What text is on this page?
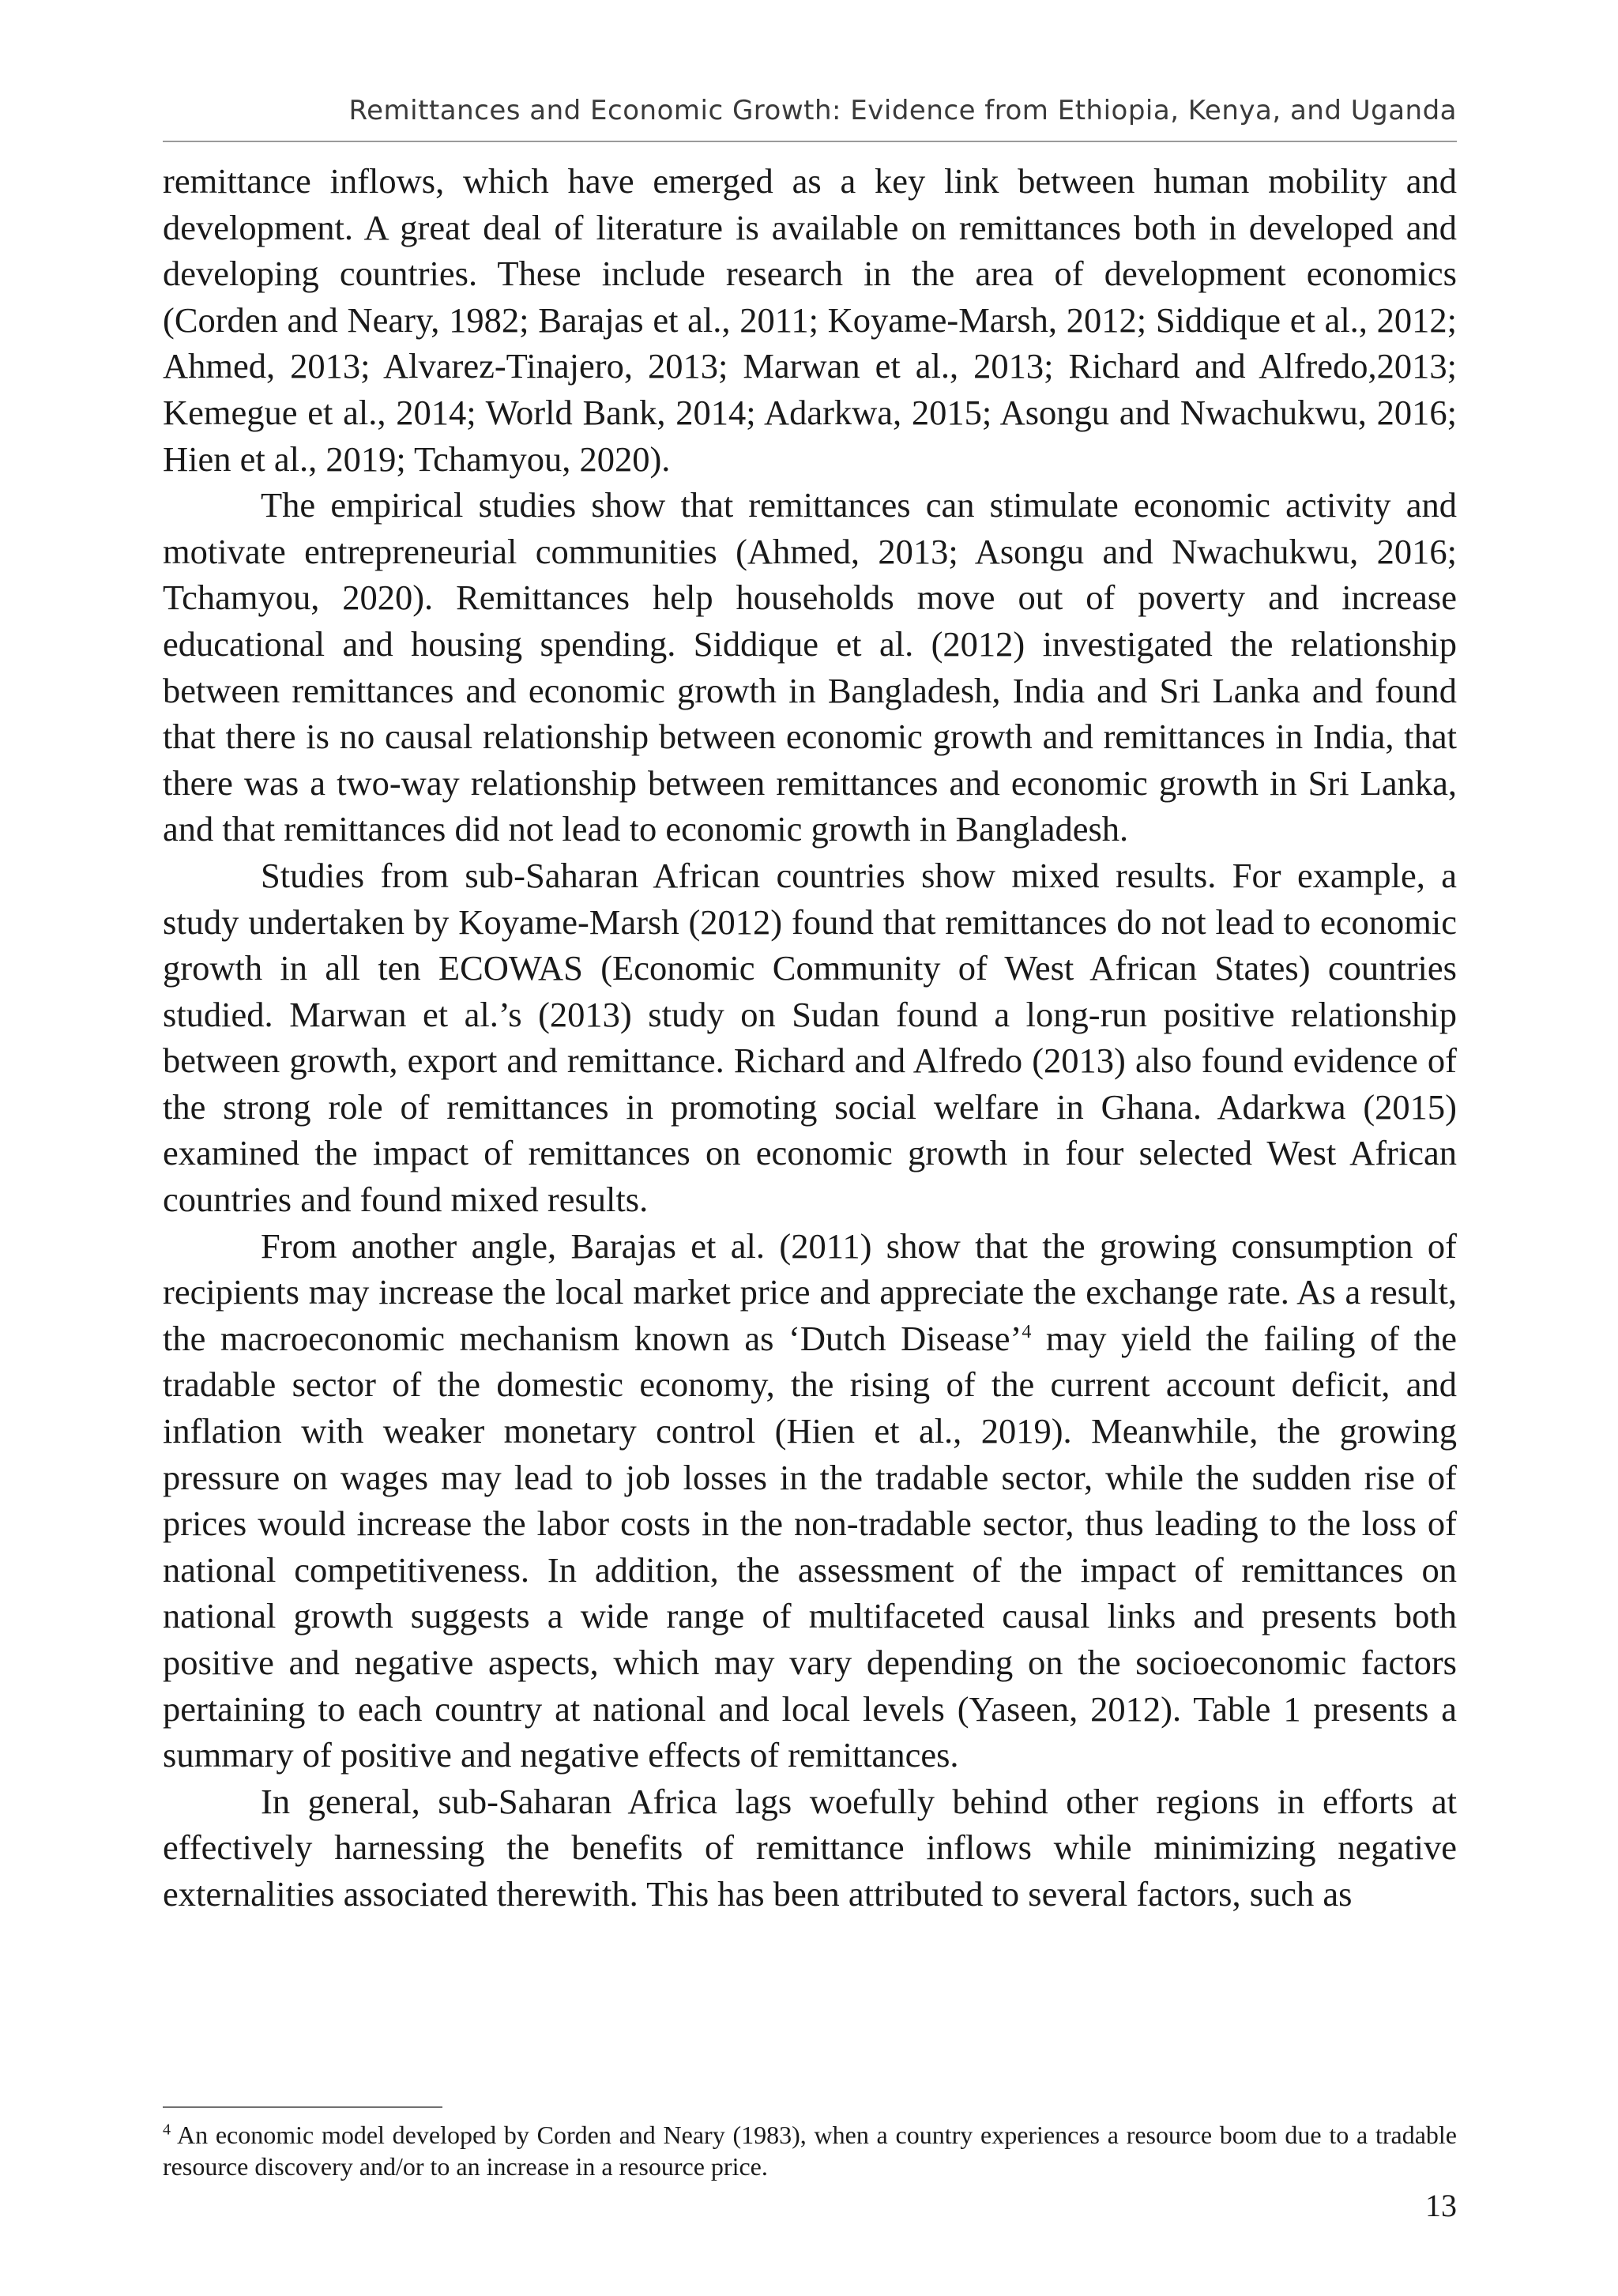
Remittances and Economic Growth: Evidence from Ethiopia, Kenya, and Uganda

remittance inflows, which have emerged as a key link between human mobility and development. A great deal of literature is available on remittances both in developed and developing countries. These include research in the area of development economics (Corden and Neary, 1982; Barajas et al., 2011; Koyame-Marsh, 2012; Siddique et al., 2012; Ahmed, 2013; Alvarez-Tinajero, 2013; Marwan et al., 2013; Richard and Alfredo,2013; Kemegue et al., 2014; World Bank, 2014; Adarkwa, 2015; Asongu and Nwachukwu, 2016; Hien et al., 2019; Tchamyou, 2020).

The empirical studies show that remittances can stimulate economic activity and motivate entrepreneurial communities (Ahmed, 2013; Asongu and Nwachukwu, 2016; Tchamyou, 2020). Remittances help households move out of poverty and increase educational and housing spending. Siddique et al. (2012) investigated the relationship between remittances and economic growth in Bangladesh, India and Sri Lanka and found that there is no causal relationship between economic growth and remittances in India, that there was a two-way relationship between remittances and economic growth in Sri Lanka, and that remittances did not lead to economic growth in Bangladesh.

Studies from sub-Saharan African countries show mixed results. For example, a study undertaken by Koyame-Marsh (2012) found that remittances do not lead to economic growth in all ten ECOWAS (Economic Community of West African States) countries studied. Marwan et al.’s (2013) study on Sudan found a long-run positive relationship between growth, export and remittance. Richard and Alfredo (2013) also found evidence of the strong role of remittances in promoting social welfare in Ghana. Adarkwa (2015) examined the impact of remittances on economic growth in four selected West African countries and found mixed results.

From another angle, Barajas et al. (2011) show that the growing consumption of recipients may increase the local market price and appreciate the exchange rate. As a result, the macroeconomic mechanism known as ‘Dutch Disease’$^4$ may yield the failing of the tradable sector of the domestic economy, the rising of the current account deficit, and inflation with weaker monetary control (Hien et al., 2019). Meanwhile, the growing pressure on wages may lead to job losses in the tradable sector, while the sudden rise of prices would increase the labor costs in the non-tradable sector, thus leading to the loss of national competitiveness. In addition, the assessment of the impact of remittances on national growth suggests a wide range of multifaceted causal links and presents both positive and negative aspects, which may vary depending on the socioeconomic factors pertaining to each country at national and local levels (Yaseen, 2012). Table 1 presents a summary of positive and negative effects of remittances.

In general, sub-Saharan Africa lags woefully behind other regions in efforts at effectively harnessing the benefits of remittance inflows while minimizing negative externalities associated therewith. This has been attributed to several factors, such as

$^4$ An economic model developed by Corden and Neary (1983), when a country experiences a resource boom due to a tradable resource discovery and/or to an increase in a resource price.
13
